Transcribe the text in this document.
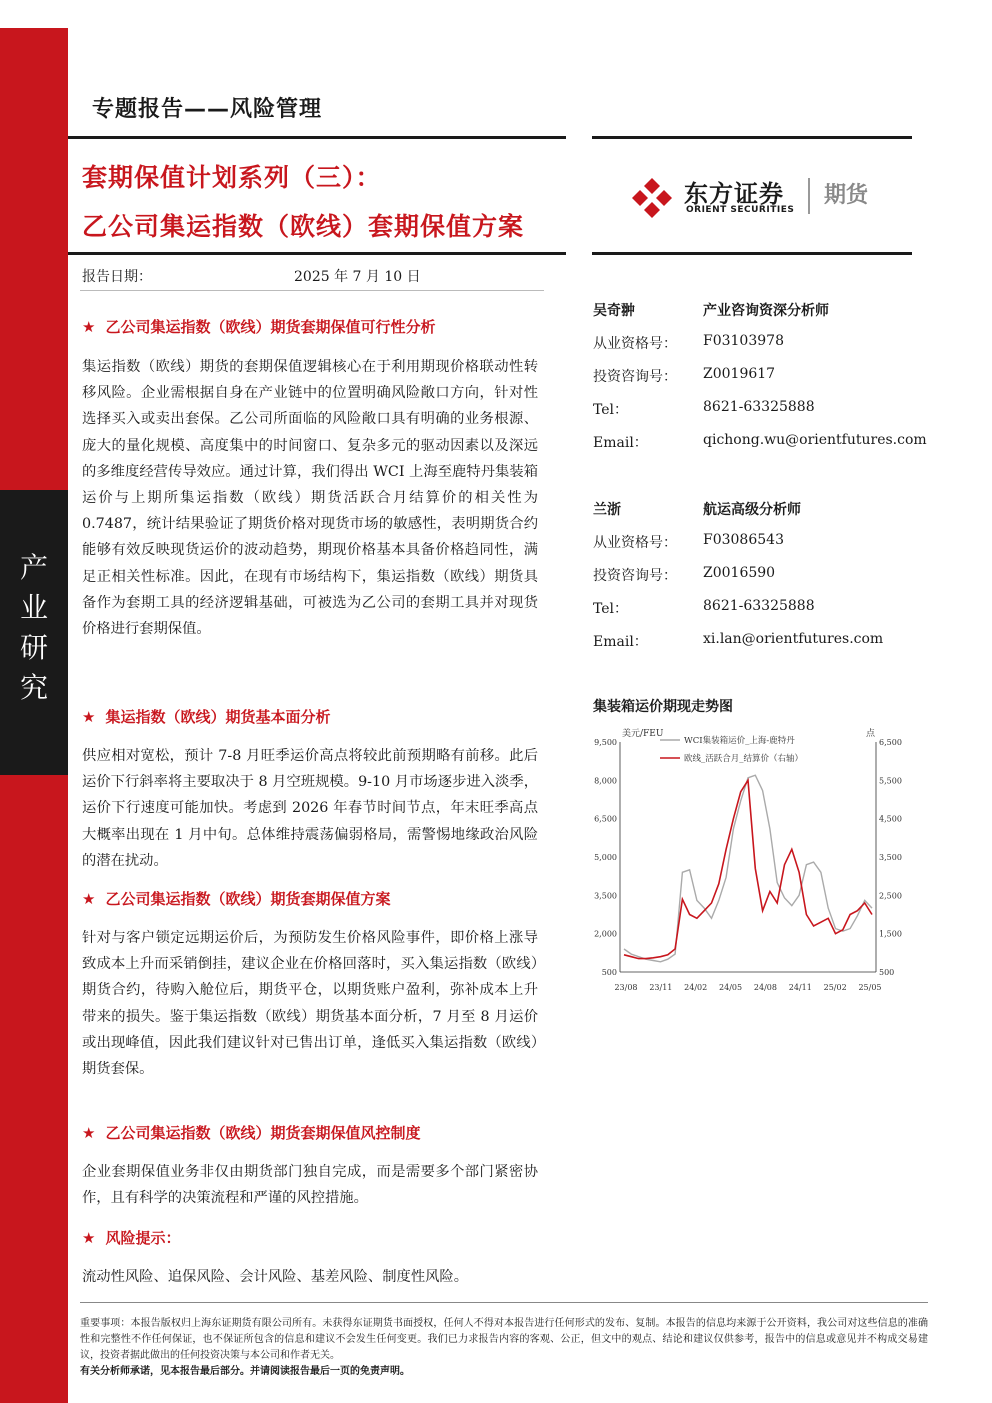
产
业
研
究
专题报告——风险管理
套期保值计划系列（三）：
乙公司集运指数（欧线）套期保值方案
东方证券
ORIENT SECURITIES
期货
报告日期：	2025 年 7 月 10 日
★ 乙公司集运指数（欧线）期货套期保值可行性分析
集运指数（欧线）期货的套期保值逻辑核心在于利用期现价格联动性转移风险。企业需根据自身在产业链中的位置明确风险敞口方向，针对性选择买入或卖出套保。乙公司所面临的风险敞口具有明确的业务根源、庞大的量化规模、高度集中的时间窗口、复杂多元的驱动因素以及深远的多维度经营传导效应。通过计算，我们得出 WCI 上海至鹿特丹集装箱运价与上期所集运指数（欧线）期货活跃合月结算价的相关性为 0.7487，统计结果验证了期货价格对现货市场的敏感性，表明期货合约能够有效反映现货运价的波动趋势，期现价格基本具备价格趋同性，满足正相关性标准。因此，在现有市场结构下，集运指数（欧线）期货具备作为套期工具的经济逻辑基础，可被选为乙公司的套期工具并对现货价格进行套期保值。
★ 集运指数（欧线）期货基本面分析
供应相对宽松，预计 7-8 月旺季运价高点将较此前预期略有前移。此后运价下行斜率将主要取决于 8 月空班规模。9-10 月市场逐步进入淡季，运价下行速度可能加快。考虑到 2026 年春节时间节点，年末旺季高点大概率出现在 1 月中旬。总体维持震荡偏弱格局，需警惕地缘政治风险的潜在扰动。
★ 乙公司集运指数（欧线）期货套期保值方案
针对与客户锁定远期运价后，为预防发生价格风险事件，即价格上涨导致成本上升而采销倒挂，建议企业在价格回落时，买入集运指数（欧线）期货合约，待购入舱位后，期货平仓，以期货账户盈利，弥补成本上升带来的损失。鉴于集运指数（欧线）期货基本面分析，7 月至 8 月运价或出现峰值，因此我们建议针对已售出订单，逢低买入集运指数（欧线）期货套保。
★ 乙公司集运指数（欧线）期货套期保值风控制度
企业套期保值业务非仅由期货部门独自完成，而是需要多个部门紧密协作，且有科学的决策流程和严谨的风控措施。
★ 风险提示：
流动性风险、追保风险、会计风险、基差风险、制度性风险。
吴奇翀	产业咨询资深分析师
从业资格号： F03103978
投资咨询号： Z0019617
Tel：	8621-63325888
Email：	qichong.wu@orientfutures.com
兰浙	航运高级分析师
从业资格号： F03086543
投资咨询号： Z0016590
Tel：	8621-63325888
Email：	xi.lan@orientfutures.com
集装箱运价期现走势图
美元/FEU	点
9,500
8,000
6,500
5,000
3,500
2,000
500
6,500
5,500
4,500
3,500
2,500
1,500
500
23/08 23/11 24/02 24/05 24/08 24/11 25/02 25/05
WCI集装箱运价_上海-鹿特丹
欧线_活跃合月_结算价（右轴）
重要事项：本报告版权归上海东证期货有限公司所有。未获得东证期货书面授权，任何人不得对本报告进行任何形式的发布、复制。本报告的信息均来源于公开资料，我公司对这些信息的准确性和完整性不作任何保证，也不保证所包含的信息和建议不会发生任何变更。我们已力求报告内容的客观、公正，但文中的观点、结论和建议仅供参考，报告中的信息或意见并不构成交易建议，投资者据此做出的任何投资决策与本公司和作者无关。
有关分析师承诺，见本报告最后部分。并请阅读报告最后一页的免责声明。
